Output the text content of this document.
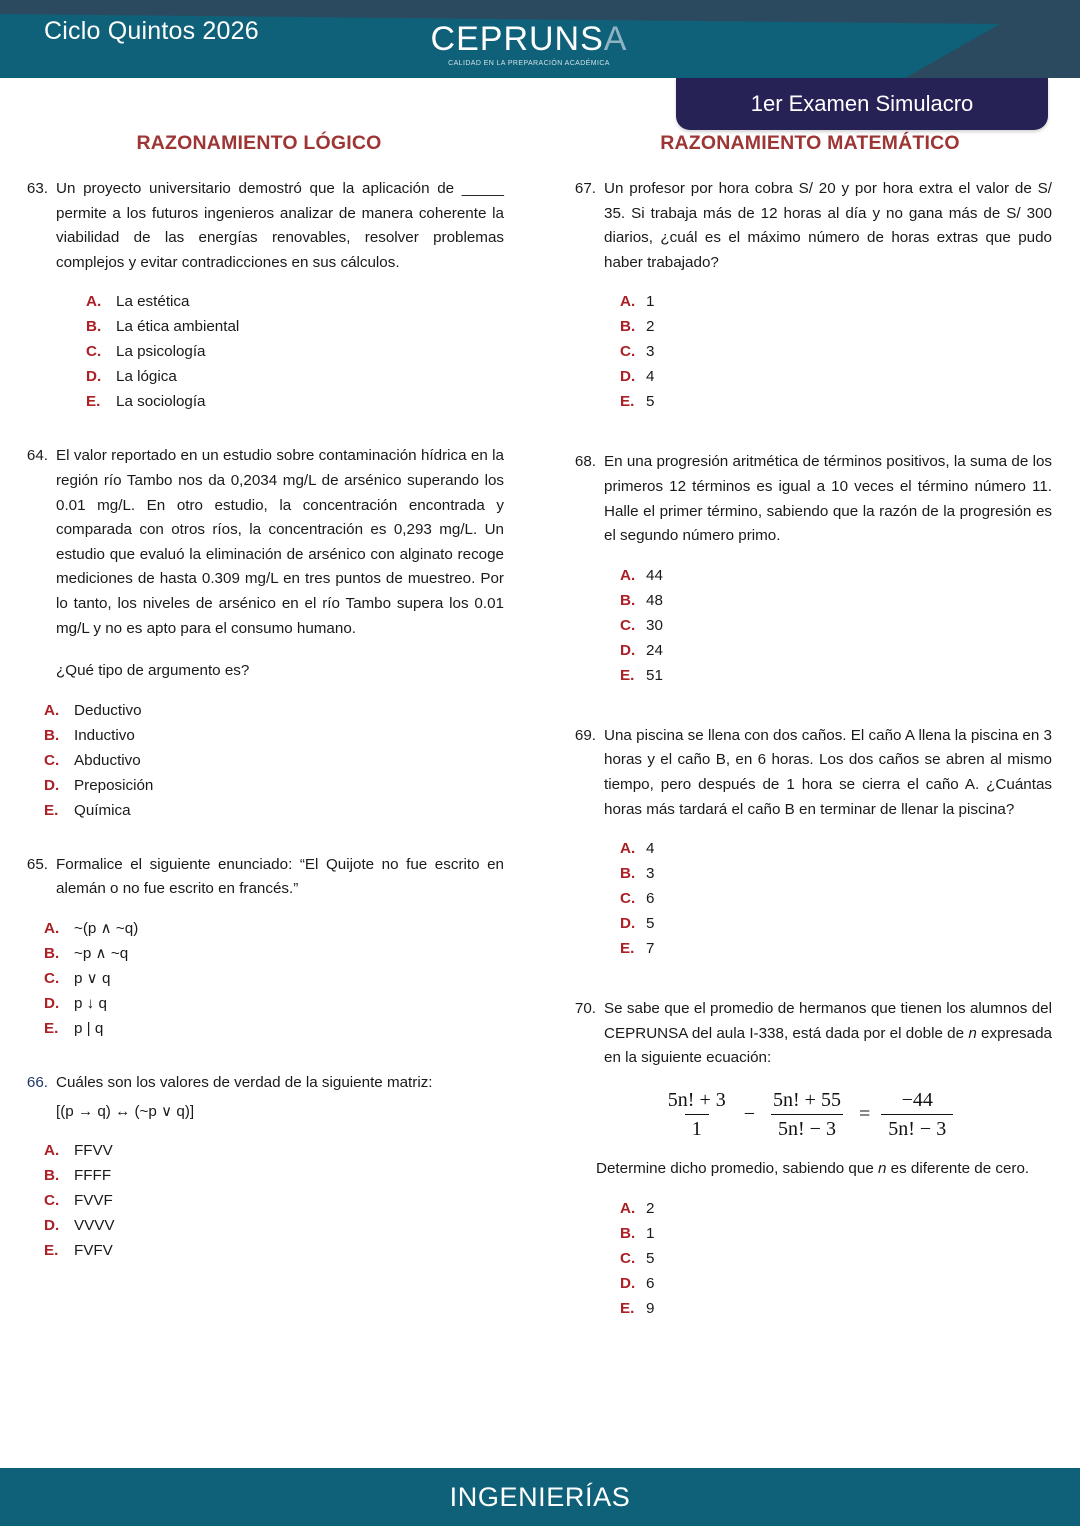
Ciclo Quintos 2026	CEPRUNSA
CALIDAD EN LA PREPARACIÓN ACADÉMICA
1er Examen Simulacro
RAZONAMIENTO LÓGICO
63. Un proyecto universitario demostró que la aplicación de _____ permite a los futuros ingenieros analizar de manera coherente la viabilidad de las energías renovables, resolver problemas complejos y evitar contradicciones en sus cálculos.
A. La estética
B. La ética ambiental
C. La psicología
D. La lógica
E.	La sociología
64. El valor reportado en un estudio sobre contaminación hídrica en la región río Tambo nos da 0,2034 mg/L de arsénico superando los 0.01 mg/L. En otro estudio, la concentración encontrada y comparada con otros ríos, la concentración es 0,293 mg/L. Un estudio que evaluó la eliminación de arsénico con alginato recoge mediciones de hasta 0.309 mg/L en tres puntos de muestreo. Por lo tanto, los niveles de arsénico en el río Tambo supera los 0.01 mg/L y no es apto para el consumo humano.
¿Qué tipo de argumento es?
A. Deductivo
B. Inductivo
C. Abductivo
D. Preposición
E.	Química
65. Formalice el siguiente enunciado: “El Quijote no fue escrito en alemán o no fue escrito en francés.”
A. ~(p ∧ ~q)
B. ~p ∧ ~q
C. p ∨ q
D. p ↓ q
E.	p | q
66. Cuáles son los valores de verdad de la siguiente matriz:
[(p → q) ↔ (~p ∨ q)]
A. FFVV
B. FFFF
C. FVVF
D. VVVV
E.	FVFV
RAZONAMIENTO MATEMÁTICO
67. Un profesor por hora cobra S/ 20 y por hora extra el valor de S/ 35. Si trabaja más de 12 horas al día y no gana más de S/ 300 diarios, ¿cuál es el máximo número de horas extras que pudo haber trabajado?
A. 1
B. 2
C. 3
D. 4
E. 5
68. En una progresión aritmética de términos positivos, la suma de los primeros 12 términos es igual a 10 veces el término número 11. Halle el primer término, sabiendo que la razón de la progresión es el segundo número primo.
A. 44
B. 48
C. 30
D. 24
E. 51
69. Una piscina se llena con dos caños. El caño A llena la piscina en 3 horas y el caño B, en 6 horas. Los dos caños se abren al mismo tiempo, pero después de 1 hora se cierra el caño A. ¿Cuántas horas más tardará el caño B en terminar de llenar la piscina?
A. 4
B. 3
C. 6
D. 5
E. 7
70. Se sabe que el promedio de hermanos que tienen los alumnos del CEPRUNSA del aula I-338, está dada por el doble de n expresada en la siguiente ecuación:
$\frac{5n! + 3}{1} - \frac{5n! + 55}{5n! - 3} = \frac{-44}{5n! - 3}$
Determine dicho promedio, sabiendo que n es diferente de cero.
A. 2
B. 1
C. 5
D. 6
E. 9
INGENIERÍAS
